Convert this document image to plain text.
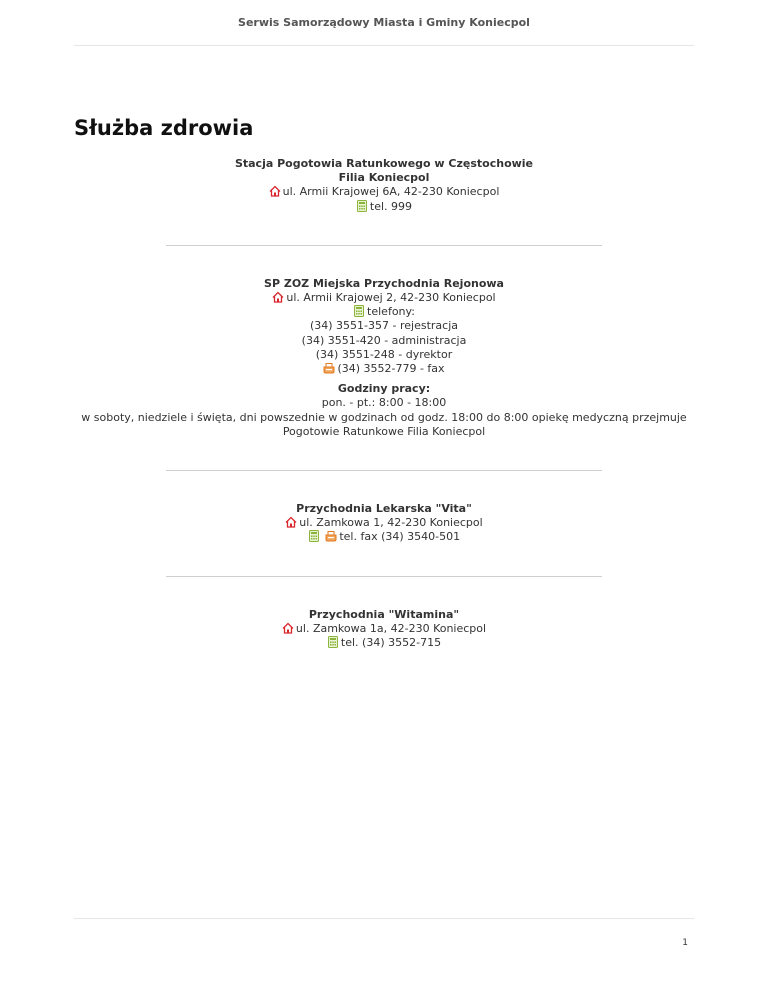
Serwis Samorządowy Miasta i Gminy Koniecpol
Służba zdrowia
Stacja Pogotowia Ratunkowego w Częstochowie
Filia Koniecpol
ul. Armii Krajowej 6A, 42-230 Koniecpol
tel. 999
SP ZOZ Miejska Przychodnia Rejonowa
ul. Armii Krajowej 2, 42-230 Koniecpol
telefony:
(34) 3551-357 - rejestracja
(34) 3551-420 - administracja
(34) 3551-248 - dyrektor
(34) 3552-779 - fax
Godziny pracy:
pon. - pt.: 8:00 - 18:00
w soboty, niedziele i święta, dni powszednie w godzinach od godz. 18:00 do 8:00 opiekę medyczną przejmuje
Pogotowie Ratunkowe Filia Koniecpol
Przychodnia Lekarska "Vita"
ul. Zamkowa 1, 42-230 Koniecpol

tel. fax (34) 3540-501
Przychodnia "Witamina"
ul. Zamkowa 1a, 42-230 Koniecpol
tel. (34) 3552-715
1
